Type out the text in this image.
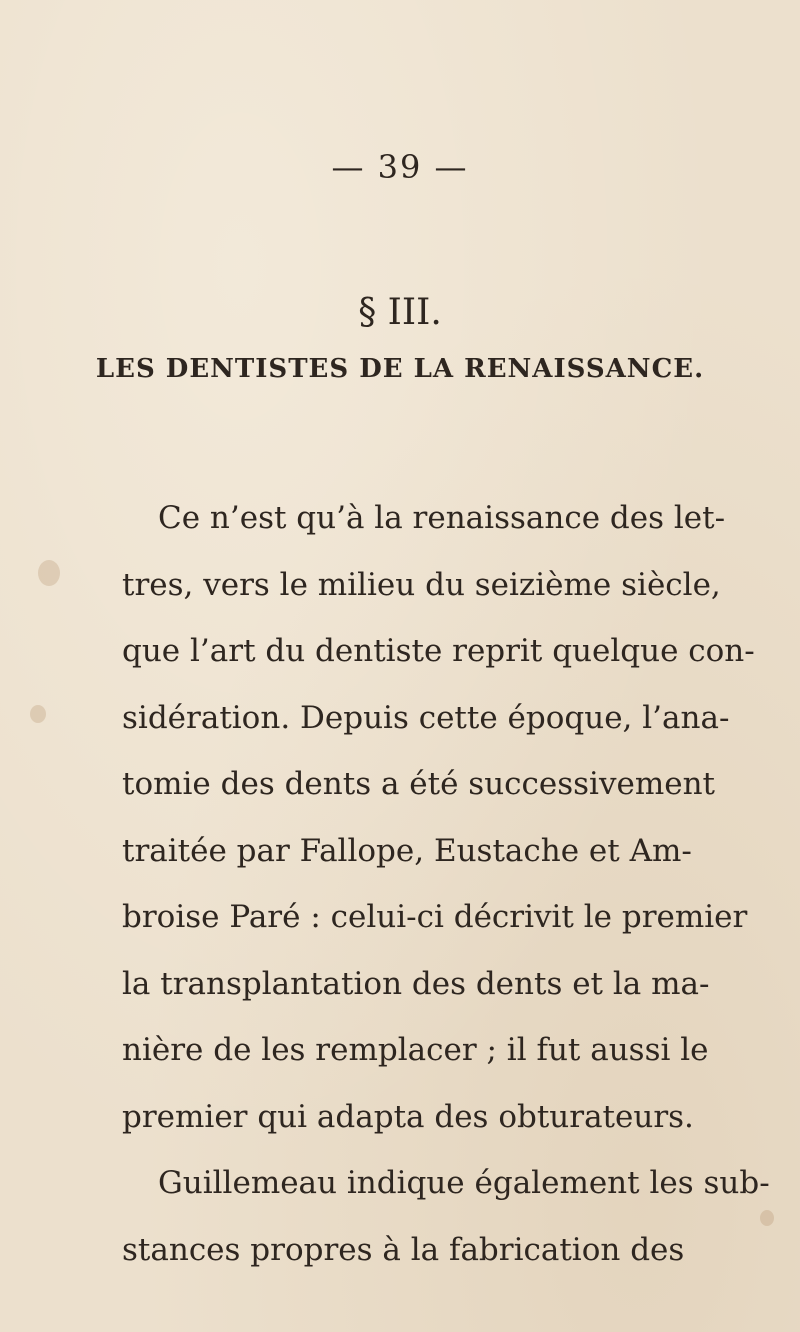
— 39 —
§ III.
LES DENTISTES DE LA RENAISSANCE.
Ce n’est qu’à la renaissance des let-
tres, vers le milieu du seizième siècle,
que l’art du dentiste reprit quelque con-
sidération. Depuis cette époque, l’ana-
tomie des dents a été successivement
traitée par Fallope, Eustache et Am-
broise Paré : celui-ci décrivit le premier
la transplantation des dents et la ma-
nière de les remplacer ; il fut aussi le
premier qui adapta des obturateurs.
Guillemeau indique également les sub-
stances propres à la fabrication des
